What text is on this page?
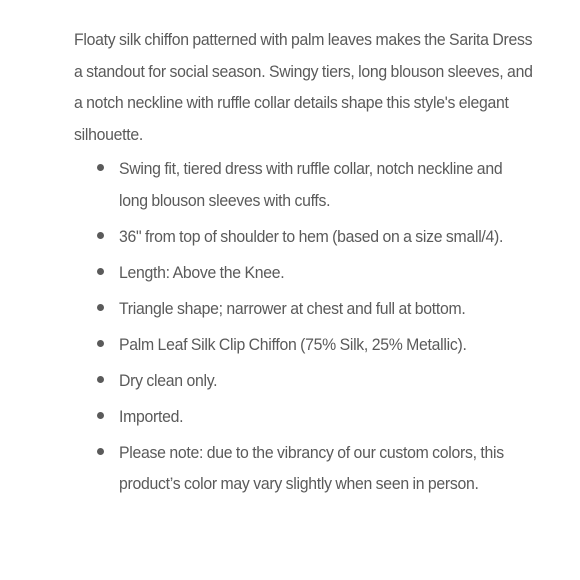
Floaty silk chiffon patterned with palm leaves makes the Sarita Dress a standout for social season. Swingy tiers, long blouson sleeves, and a notch neckline with ruffle collar details shape this style's elegant silhouette.

Swing fit, tiered dress with ruffle collar, notch neckline and long blouson sleeves with cuffs.
36" from top of shoulder to hem (based on a size small/4).
Length: Above the Knee.
Triangle shape; narrower at chest and full at bottom.
Palm Leaf Silk Clip Chiffon (75% Silk, 25% Metallic).
Dry clean only.
Imported.
Please note: due to the vibrancy of our custom colors, this product’s color may vary slightly when seen in person.
